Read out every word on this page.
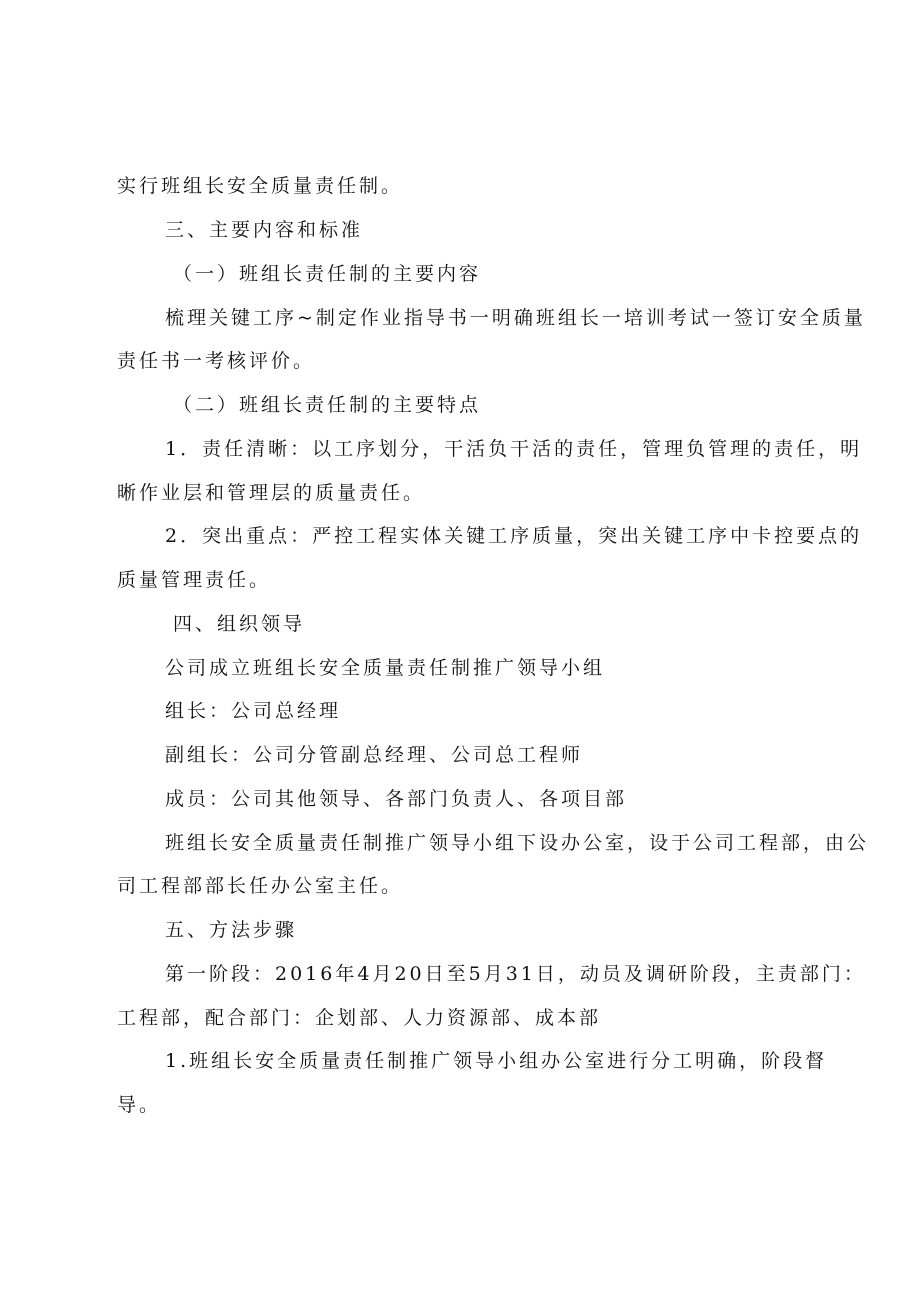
实行班组长安全质量责任制。
三、主要内容和标准
（一）班组长责任制的主要内容
梳理关键工序~制定作业指导书一明确班组长一培训考试一签订安全质量
责任书一考核评价。
（二）班组长责任制的主要特点
1．责任清晰：以工序划分，干活负干活的责任，管理负管理的责任，明
晰作业层和管理层的质量责任。
2．突出重点：严控工程实体关键工序质量，突出关键工序中卡控要点的
质量管理责任。
四、组织领导
公司成立班组长安全质量责任制推广领导小组
组长：公司总经理
副组长：公司分管副总经理、公司总工程师
成员：公司其他领导、各部门负责人、各项目部
班组长安全质量责任制推广领导小组下设办公室，设于公司工程部，由公
司工程部部长任办公室主任。
五、方法步骤
第一阶段：2016年4月20日至5月31日，动员及调研阶段，主责部门：
工程部，配合部门：企划部、人力资源部、成本部
1.班组长安全质量责任制推广领导小组办公室进行分工明确，阶段督
导。
